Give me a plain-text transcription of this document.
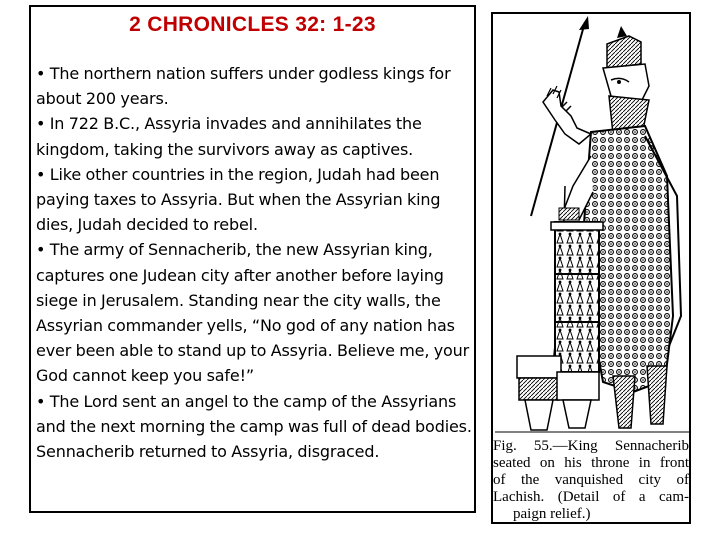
2 CHRONICLES 32: 1-23
• The northern nation suffers under godless kings for about 200 years.
• In 722 B.C., Assyria invades and annihilates the kingdom, taking the survivors away as captives.
• Like other countries in the region, Judah had been paying taxes to Assyria. But when the Assyrian king dies, Judah decided to rebel.
• The army of Sennacherib, the new Assyrian king, captures one Judean city after another before laying siege in Jerusalem. Standing near the city walls, the Assyrian commander yells, “No god of any nation has ever been able to stand up to Assyria. Believe me, your God cannot keep you safe!”
• The Lord sent an angel to the camp of the Assyrians and the next morning the camp was full of dead bodies. Sennacherib returned to Assyria, disgraced.	Fig. 55.—King Sennacherib
seated on his throne in front
of the vanquished city of
Lachish. (Detail of a cam-
paign relief.)
